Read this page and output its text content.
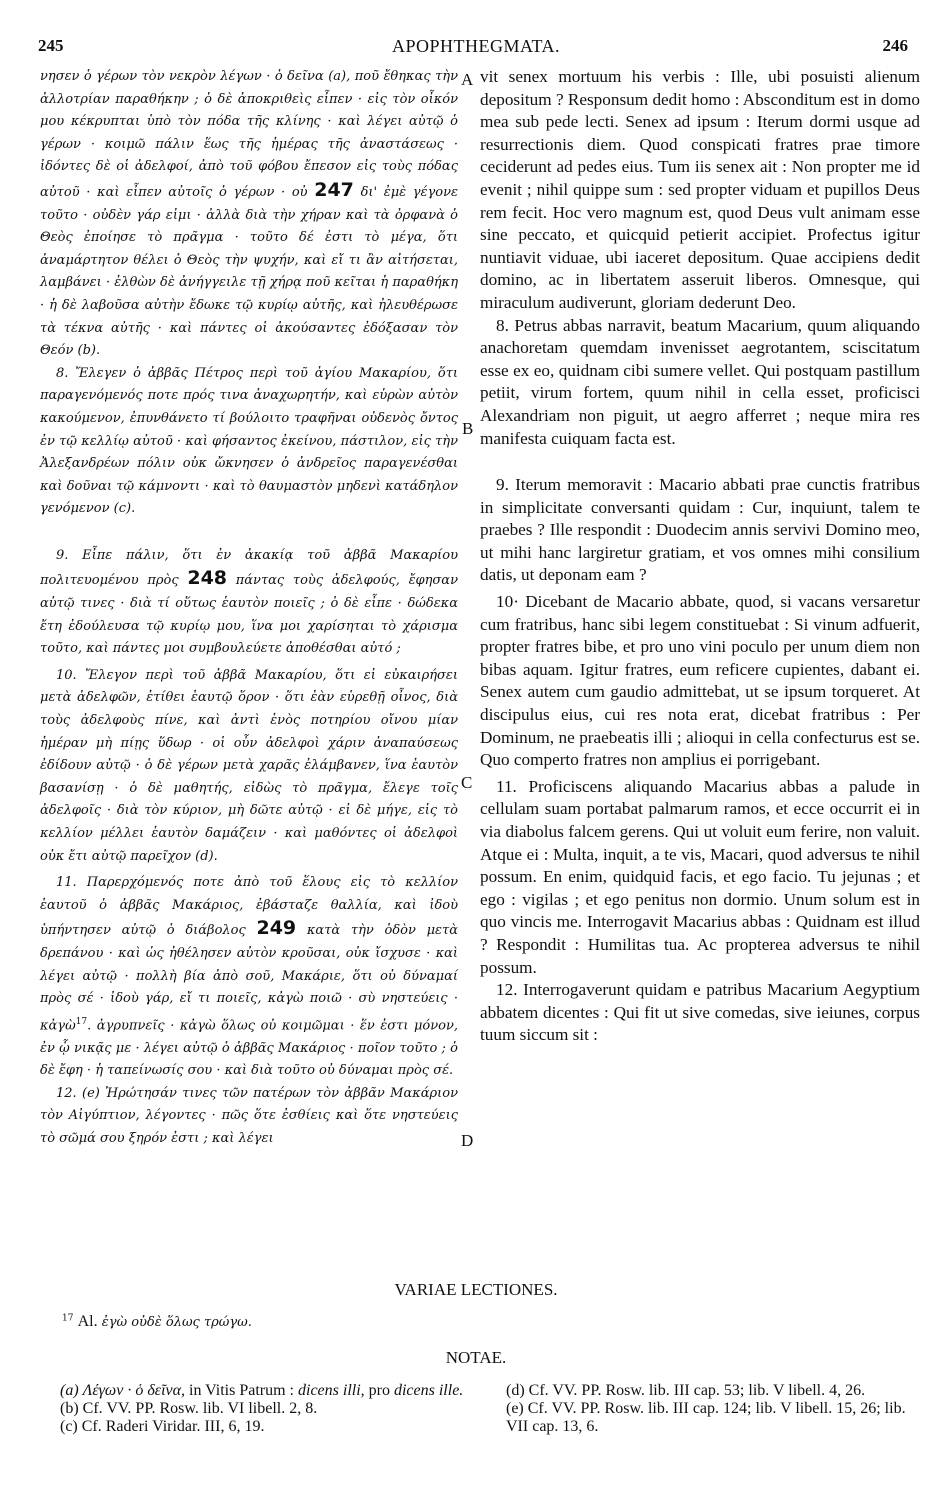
245	APOPHTHEGMATA.	246
A
B
C
D

νησεν ὁ γέρων τὸν νεκρὸν λέγων · ὁ δεῖνα (a), ποῦ ἔθηκας τὴν ἀλλοτρίαν παραθήκην ; ὁ δὲ ἀποκριθεὶς εἶπεν · εἰς τὸν οἶκόν μου κέκρυπται ὑπὸ τὸν πόδα τῆς κλίνης · καὶ λέγει αὐτῷ ὁ γέρων · κοιμῶ πάλιν ἕως τῆς ἡμέρας τῆς ἀναστάσεως · ἰδόντες δὲ οἱ ἀδελφοί, ἀπὸ τοῦ φόβου ἔπεσον εἰς τοὺς πόδας αὐτοῦ · καὶ εἶπεν αὐτοῖς ὁ γέρων · οὐ 247 δι' ἐμὲ γέγονε τοῦτο · οὐδὲν γάρ εἰμι · ἀλλὰ διὰ τὴν χήραν καὶ τὰ ὀρφανὰ ὁ Θεὸς ἐποίησε τὸ πρᾶγμα · τοῦτο δέ ἐστι τὸ μέγα, ὅτι ἀναμάρτητον θέλει ὁ Θεὸς τὴν ψυχήν, καὶ εἴ τι ἂν αἰτήσεται, λαμβάνει · ἐλθὼν δὲ ἀνήγγειλε τῇ χήρᾳ ποῦ κεῖται ἡ παραθήκη · ἡ δὲ λαβοῦσα αὐτὴν ἔδωκε τῷ κυρίῳ αὐτῆς, καὶ ἠλευθέρωσε τὰ τέκνα αὐτῆς · καὶ πάντες οἱ ἀκούσαντες ἐδόξασαν τὸν Θεόν (b).

8. Ἔλεγεν ὁ ἀββᾶς Πέτρος περὶ τοῦ ἁγίου Μακαρίου, ὅτι παραγενόμενός ποτε πρός τινα ἀναχωρητήν, καὶ εὑρὼν αὐτὸν κακούμενον, ἐπυνθάνετο τί βούλοιτο τραφῆναι οὐδενὸς ὄντος ἐν τῷ κελλίῳ αὐτοῦ · καὶ φήσαντος ἐκείνου, πάστιλον, εἰς τὴν Ἀλεξανδρέων πόλιν οὐκ ὤκνησεν ὁ ἀνδρεῖος παραγενέσθαι καὶ δοῦναι τῷ κάμνοντι · καὶ τὸ θαυμαστὸν μηδενὶ κατάδηλον γενόμενον (c).

9. Εἶπε πάλιν, ὅτι ἐν ἀκακίᾳ τοῦ ἀββᾶ Μακαρίου πολιτευομένου πρὸς 248 πάντας τοὺς ἀδελφούς, ἔφησαν αὐτῷ τινες · διὰ τί οὕτως ἑαυτὸν ποιεῖς ; ὁ δὲ εἶπε · δώδεκα ἔτη ἐδούλευσα τῷ κυρίῳ μου, ἵνα μοι χαρίσηται τὸ χάρισμα τοῦτο, καὶ πάντες μοι συμβουλεύετε ἀποθέσθαι αὐτό ;

10. Ἔλεγον περὶ τοῦ ἀββᾶ Μακαρίου, ὅτι εἰ εὐκαιρήσει μετὰ ἀδελφῶν, ἐτίθει ἑαυτῷ ὅρον · ὅτι ἐὰν εὑρεθῇ οἶνος, διὰ τοὺς ἀδελφοὺς πίνε, καὶ ἀντὶ ἑνὸς ποτηρίου οἴνου μίαν ἡμέραν μὴ πίῃς ὕδωρ · οἱ οὖν ἀδελφοὶ χάριν ἀναπαύσεως ἐδίδουν αὐτῷ · ὁ δὲ γέρων μετὰ χαρᾶς ἐλάμβανεν, ἵνα ἑαυτὸν βασανίσῃ · ὁ δὲ μαθητής, εἰδὼς τὸ πρᾶγμα, ἔλεγε τοῖς ἀδελφοῖς · διὰ τὸν κύριον, μὴ δῶτε αὐτῷ · εἰ δὲ μήγε, εἰς τὸ κελλίον μέλλει ἑαυτὸν δαμάζειν · καὶ μαθόντες οἱ ἀδελφοὶ οὐκ ἔτι αὐτῷ παρεῖχον (d).

11. Παρερχόμενός ποτε ἀπὸ τοῦ ἕλους εἰς τὸ κελλίον ἑαυτοῦ ὁ ἀββᾶς Μακάριος, ἐβάσταζε θαλλία, καὶ ἰδοὺ ὑπήντησεν αὐτῷ ὁ διάβολος 249 κατὰ τὴν ὁδὸν μετὰ δρεπάνου · καὶ ὡς ἠθέλησεν αὐτὸν κροῦσαι, οὐκ ἴσχυσε · καὶ λέγει αὐτῷ · πολλὴ βία ἀπὸ σοῦ, Μακάριε, ὅτι οὐ δύναμαί πρὸς σέ · ἰδοὺ γάρ, εἴ τι ποιεῖς, κἀγὼ ποιῶ · σὺ νηστεύεις · κἀγὼ$^{17}$. ἀγρυπνεῖς · κἀγὼ ὅλως οὐ κοιμῶμαι · ἕν ἐστι μόνον, ἐν ᾧ νικᾷς με · λέγει αὐτῷ ὁ ἀββᾶς Μακάριος · ποῖον τοῦτο ; ὁ δὲ ἔφη · ἡ ταπείνωσίς σου · καὶ διὰ τοῦτο οὐ δύναμαι πρὸς σέ.

12. (e) Ἠρώτησάν τινες τῶν πατέρων τὸν ἀββᾶν Μακάριον τὸν Αἰγύπτιον, λέγοντες · πῶς ὅτε ἐσθίεις καὶ ὅτε νηστεύεις τὸ σῶμά σου ξηρόν ἐστι ; καὶ λέγει

vit senex mortuum his verbis : Ille, ubi posuisti alienum depositum ? Responsum dedit homo : Absconditum est in domo mea sub pede lecti. Senex ad ipsum : Iterum dormi usque ad resurrectionis diem. Quod conspicati fratres prae timore ceciderunt ad pedes eius. Tum iis senex ait : Non propter me id evenit ; nihil quippe sum : sed propter viduam et pupillos Deus rem fecit. Hoc vero magnum est, quod Deus vult animam esse sine peccato, et quicquid petierit accipiet. Profectus igitur nuntiavit viduae, ubi iaceret depositum. Quae accipiens dedit domino, ac in libertatem asseruit liberos. Omnesque, qui miraculum audiverunt, gloriam dederunt Deo.

8. Petrus abbas narravit, beatum Macarium, quum aliquando anachoretam quemdam invenisset aegrotantem, sciscitatum esse ex eo, quidnam cibi sumere vellet. Qui postquam pastillum petiit, virum fortem, quum nihil in cella esset, proficisci Alexandriam non piguit, ut aegro afferret ; neque mira res manifesta cuiquam facta est.

9. Iterum memoravit : Macario abbati prae cunctis fratribus in simplicitate conversanti quidam : Cur, inquiunt, talem te praebes ? Ille respondit : Duodecim annis servivi Domino meo, ut mihi hanc largiretur gratiam, et vos omnes mihi consilium datis, ut deponam eam ?

10· Dicebant de Macario abbate, quod, si vacans versaretur cum fratribus, hanc sibi legem constituebat : Si vinum adfuerit, propter fratres bibe, et pro uno vini poculo per unum diem non bibas aquam. Igitur fratres, eum reficere cupientes, dabant ei. Senex autem cum gaudio admittebat, ut se ipsum torqueret. At discipulus eius, cui res nota erat, dicebat fratribus : Per Dominum, ne praebeatis illi ; alioqui in cella confecturus est se. Quo comperto fratres non amplius ei porrigebant.

11. Proficiscens aliquando Macarius abbas a palude in cellulam suam portabat palmarum ramos, et ecce occurrit ei in via diabolus falcem gerens. Qui ut voluit eum ferire, non valuit. Atque ei : Multa, inquit, a te vis, Macari, quod adversus te nihil possum. En enim, quidquid facis, et ego facio. Tu jejunas ; et ego : vigilas ; et ego penitus non dormio. Unum solum est in quo vincis me. Interrogavit Macarius abbas : Quidnam est illud ? Respondit : Humilitas tua. Ac propterea adversus te nihil possum.

12. Interrogaverunt quidam e patribus Macarium Aegyptium abbatem dicentes : Qui fit ut sive comedas, sive ieiunes, corpus tuum siccum sit :

VARIAE LECTIONES.
$^{17}$ Al. ἐγὼ οὐδὲ ὅλως τρώγω.
NOTAE.

(a) Λέγων · ὁ δεῖνα, in Vitis Patrum : dicens illi, pro dicens ille.

(b) Cf. VV. PP. Rosw. lib. VI libell. 2, 8.

(c) Cf. Raderi Viridar. III, 6, 19.

(d) Cf. VV. PP. Rosw. lib. III cap. 53; lib. V libell. 4, 26.

(e) Cf. VV. PP. Rosw. lib. III cap. 124; lib. V libell. 15, 26; lib. VII cap. 13, 6.
